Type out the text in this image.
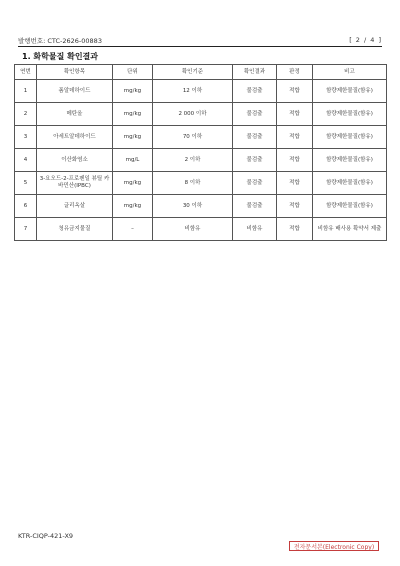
발행번호: CTC-2626-00883	[ 2 / 4 ]
1. 화학물질 확인결과
연번	확인항목	단위	확인기준	확인결과	판정	비고
1	폼알데하이드	mg/kg	12 이하	불검출	적합	함량제한물질(함유)
2	메탄올	mg/kg	2 000 이하	불검출	적합	함량제한물질(함유)
3	아세트알데하이드	mg/kg	70 이하	불검출	적합	함량제한물질(함유)
4	이산화염소	mg/L	2 이하	불검출	적합	함량제한물질(함유)
5	3-요오드-2-프로펜일 뷰틸 카바민산(IPBC)	mg/kg	8 이하	불검출	적합	함량제한물질(함유)
6	글리옥살	mg/kg	30 이하	불검출	적합	함량제한물질(함유)
7	청유금지물질	–	비함유	비함유	적합	비함유 배사용 확약서 제출
KTR-CIQP-421-X9
전자문서본(Electronic Copy)
